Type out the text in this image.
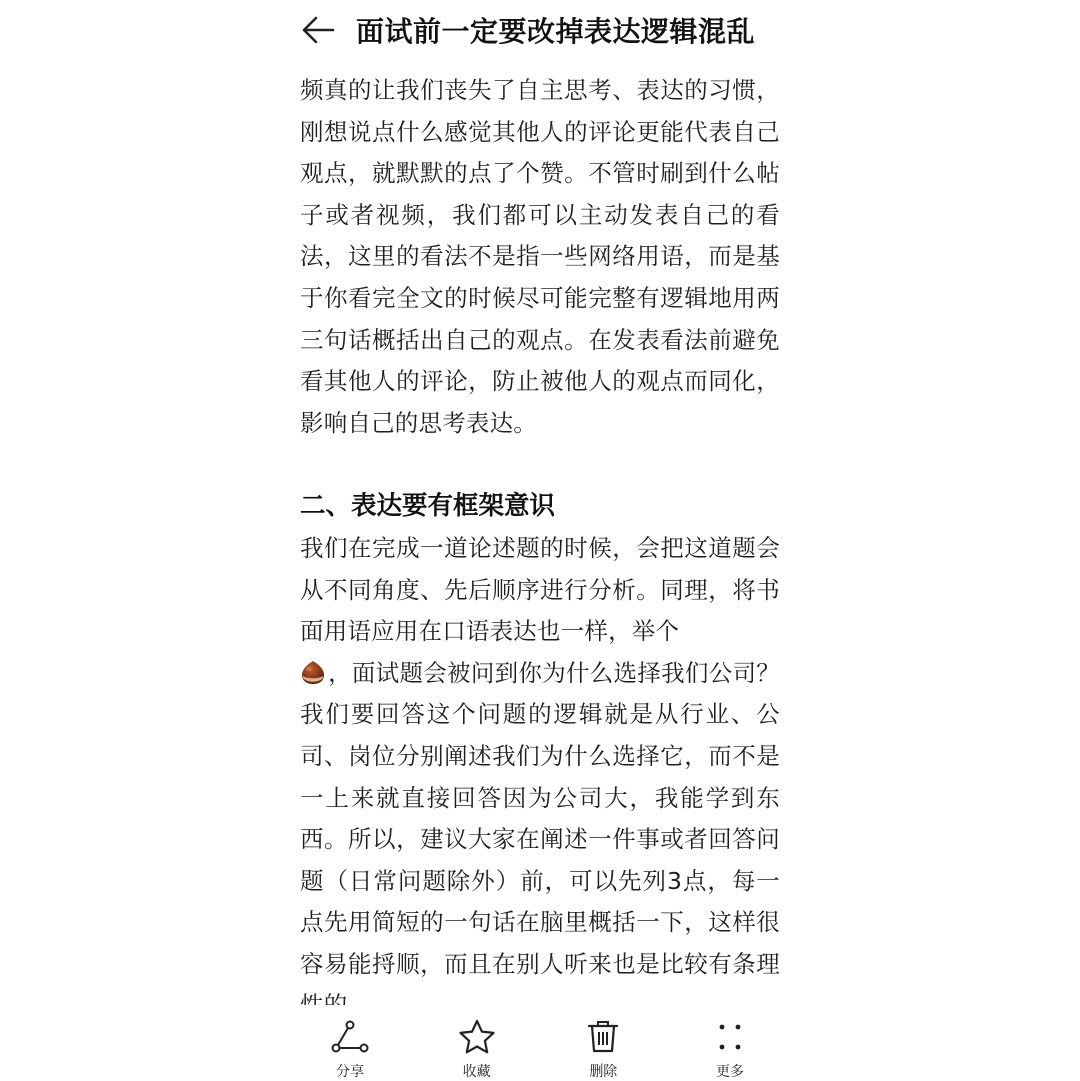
面试前一定要改掉表达逻辑混乱

频真的让我们丧失了自主思考、表达的习惯，刚想说点什么感觉其他人的评论更能代表自己观点，就默默的点了个赞。不管时刷到什么帖子或者视频，我们都可以主动发表自己的看法，这里的看法不是指一些网络用语，而是基于你看完全文的时候尽可能完整有逻辑地用两三句话概括出自己的观点。在发表看法前避免看其他人的评论，防止被他人的观点而同化，影响自己的思考表达。

二、表达要有框架意识

我们在完成一道论述题的时候，会把这道题会从不同角度、先后顺序进行分析。同理，将书面用语应用在口语表达也一样，举个
，面试题会被问到你为什么选择我们公司？我们要回答这个问题的逻辑就是从行业、公司、岗位分别阐述我们为什么选择它，而不是一上来就直接回答因为公司大，我能学到东西。所以，建议大家在阐述一件事或者回答问题（日常问题除外）前，可以先列3点，每一点先用简短的一句话在脑里概括一下，这样很容易能捋顺，而且在别人听来也是比较有条理

分享	收藏	删除	更多
